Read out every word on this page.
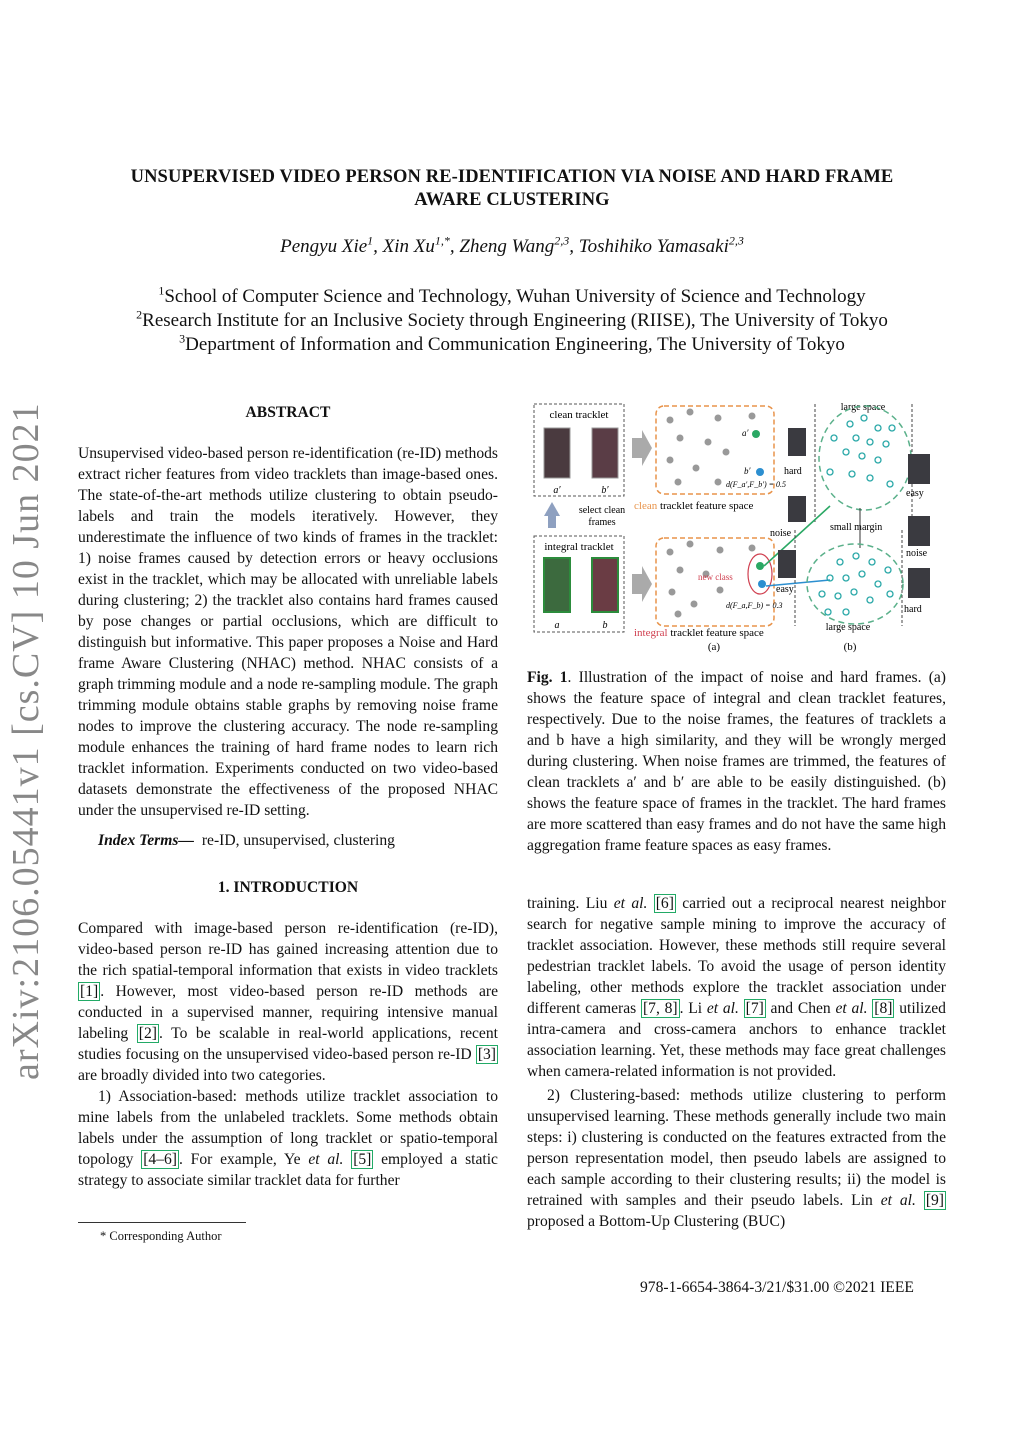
UNSUPERVISED VIDEO PERSON RE-IDENTIFICATION VIA NOISE AND HARD FRAME
AWARE CLUSTERING
Pengyu Xie$^1$, Xin $Xu^{1,*}$, Zheng Wang$^{2,3}$, Toshihiko Yamasaki$^{2,3}$
$^1$School of Computer Science and Technology, Wuhan University of Science and Technology
$^2$Research Institute for an Inclusive Society through Engineering (RIISE), The University of Tokyo
$^3$Department of Information and Communication Engineering, The University of Tokyo
arXiv:2106.05441v1 [cs.CV] 10 Jun 2021	ABSTRACT

Unsupervised video-based person re-identification (re-ID) methods extract richer features from video tracklets than image-based ones. The state-of-the-art methods utilize clustering to obtain pseudo-labels and train the models iteratively. However, they underestimate the influence of two kinds of frames in the tracklet: 1) noise frames caused by detection errors or heavy occlusions exist in the tracklet, which may be allocated with unreliable labels during clustering; 2) the tracklet also contains hard frames caused by pose changes or partial occlusions, which are difficult to distinguish but informative. This paper proposes a Noise and Hard frame Aware Clustering (NHAC) method. NHAC consists of a graph trimming module and a node re-sampling module. The graph trimming module obtains stable graphs by removing noise frame nodes to improve the clustering accuracy. The node re-sampling module enhances the training of hard frame nodes to learn rich tracklet information. Experiments conducted on two video-based datasets demonstrate the effectiveness of the proposed NHAC under the unsupervised re-ID setting.

Index Terms— re-ID, unsupervised, clustering

1. INTRODUCTION

Compared with image-based person re-identification (re-ID), video-based person re-ID has gained increasing attention due to the rich spatial-temporal information that exists in video tracklets [1] . However, most video-based person re-ID methods are conducted in a supervised manner, requiring intensive manual labeling [2] . To be scalable in real-world applications, recent studies focusing on the unsupervised video-based person re-ID [3] are broadly divided into two categories.

1) Association-based: methods utilize tracklet association to mine labels from the unlabeled tracklets. Some methods obtain labels under the assumption of long tracklet or spatio-temporal topology [4–6] . For example, Ye et al. [5] employed a static strategy to associate similar tracklet data for further

* Corresponding Author
clean tracklet
a′	b′
select clean
frames
integral tracklet
a	b
a′
b′
d(F_a′,F_b′) = 0.5
clean tracklet feature space
new class
d(F_a,F_b) = 0.3
integral tracklet feature space
(a)
large space
hard
easy
noise
small margin
noise
easy
hard
large space
(b)

Fig. 1. Illustration of the impact of noise and hard frames. (a) shows the feature space of integral and clean tracklet features, respectively. Due to the noise frames, the features of tracklets a and b have a high similarity, and they will be wrongly merged during clustering. When noise frames are trimmed, the features of clean tracklets a′ and b′ are able to be easily distinguished. (b) shows the feature space of frames in the tracklet. The hard frames are more scattered than easy frames and do not have the same high aggregation frame feature spaces as easy frames.

training. Liu et al. [6] carried out a reciprocal nearest neighbor search for negative sample mining to improve the accuracy of tracklet association. However, these methods still require several pedestrian tracklet labels. To avoid the usage of person identity labeling, other methods explore the tracklet association under different cameras [7, 8] . Li et al. [7] and Chen et al. [8] utilized intra-camera and cross-camera anchors to enhance tracklet association learning. Yet, these methods may face great challenges when camera-related information is not provided.

2) Clustering-based: methods utilize clustering to perform unsupervised learning. These methods generally include two main steps: i) clustering is conducted on the features extracted from the person representation model, then pseudo labels are assigned to each sample according to their clustering results; ii) the model is retrained with samples and their pseudo labels. Lin et al. [9] proposed a Bottom-Up Clustering (BUC)

978-1-6654-3864-3/21/$31.00 ©2021 IEEE
